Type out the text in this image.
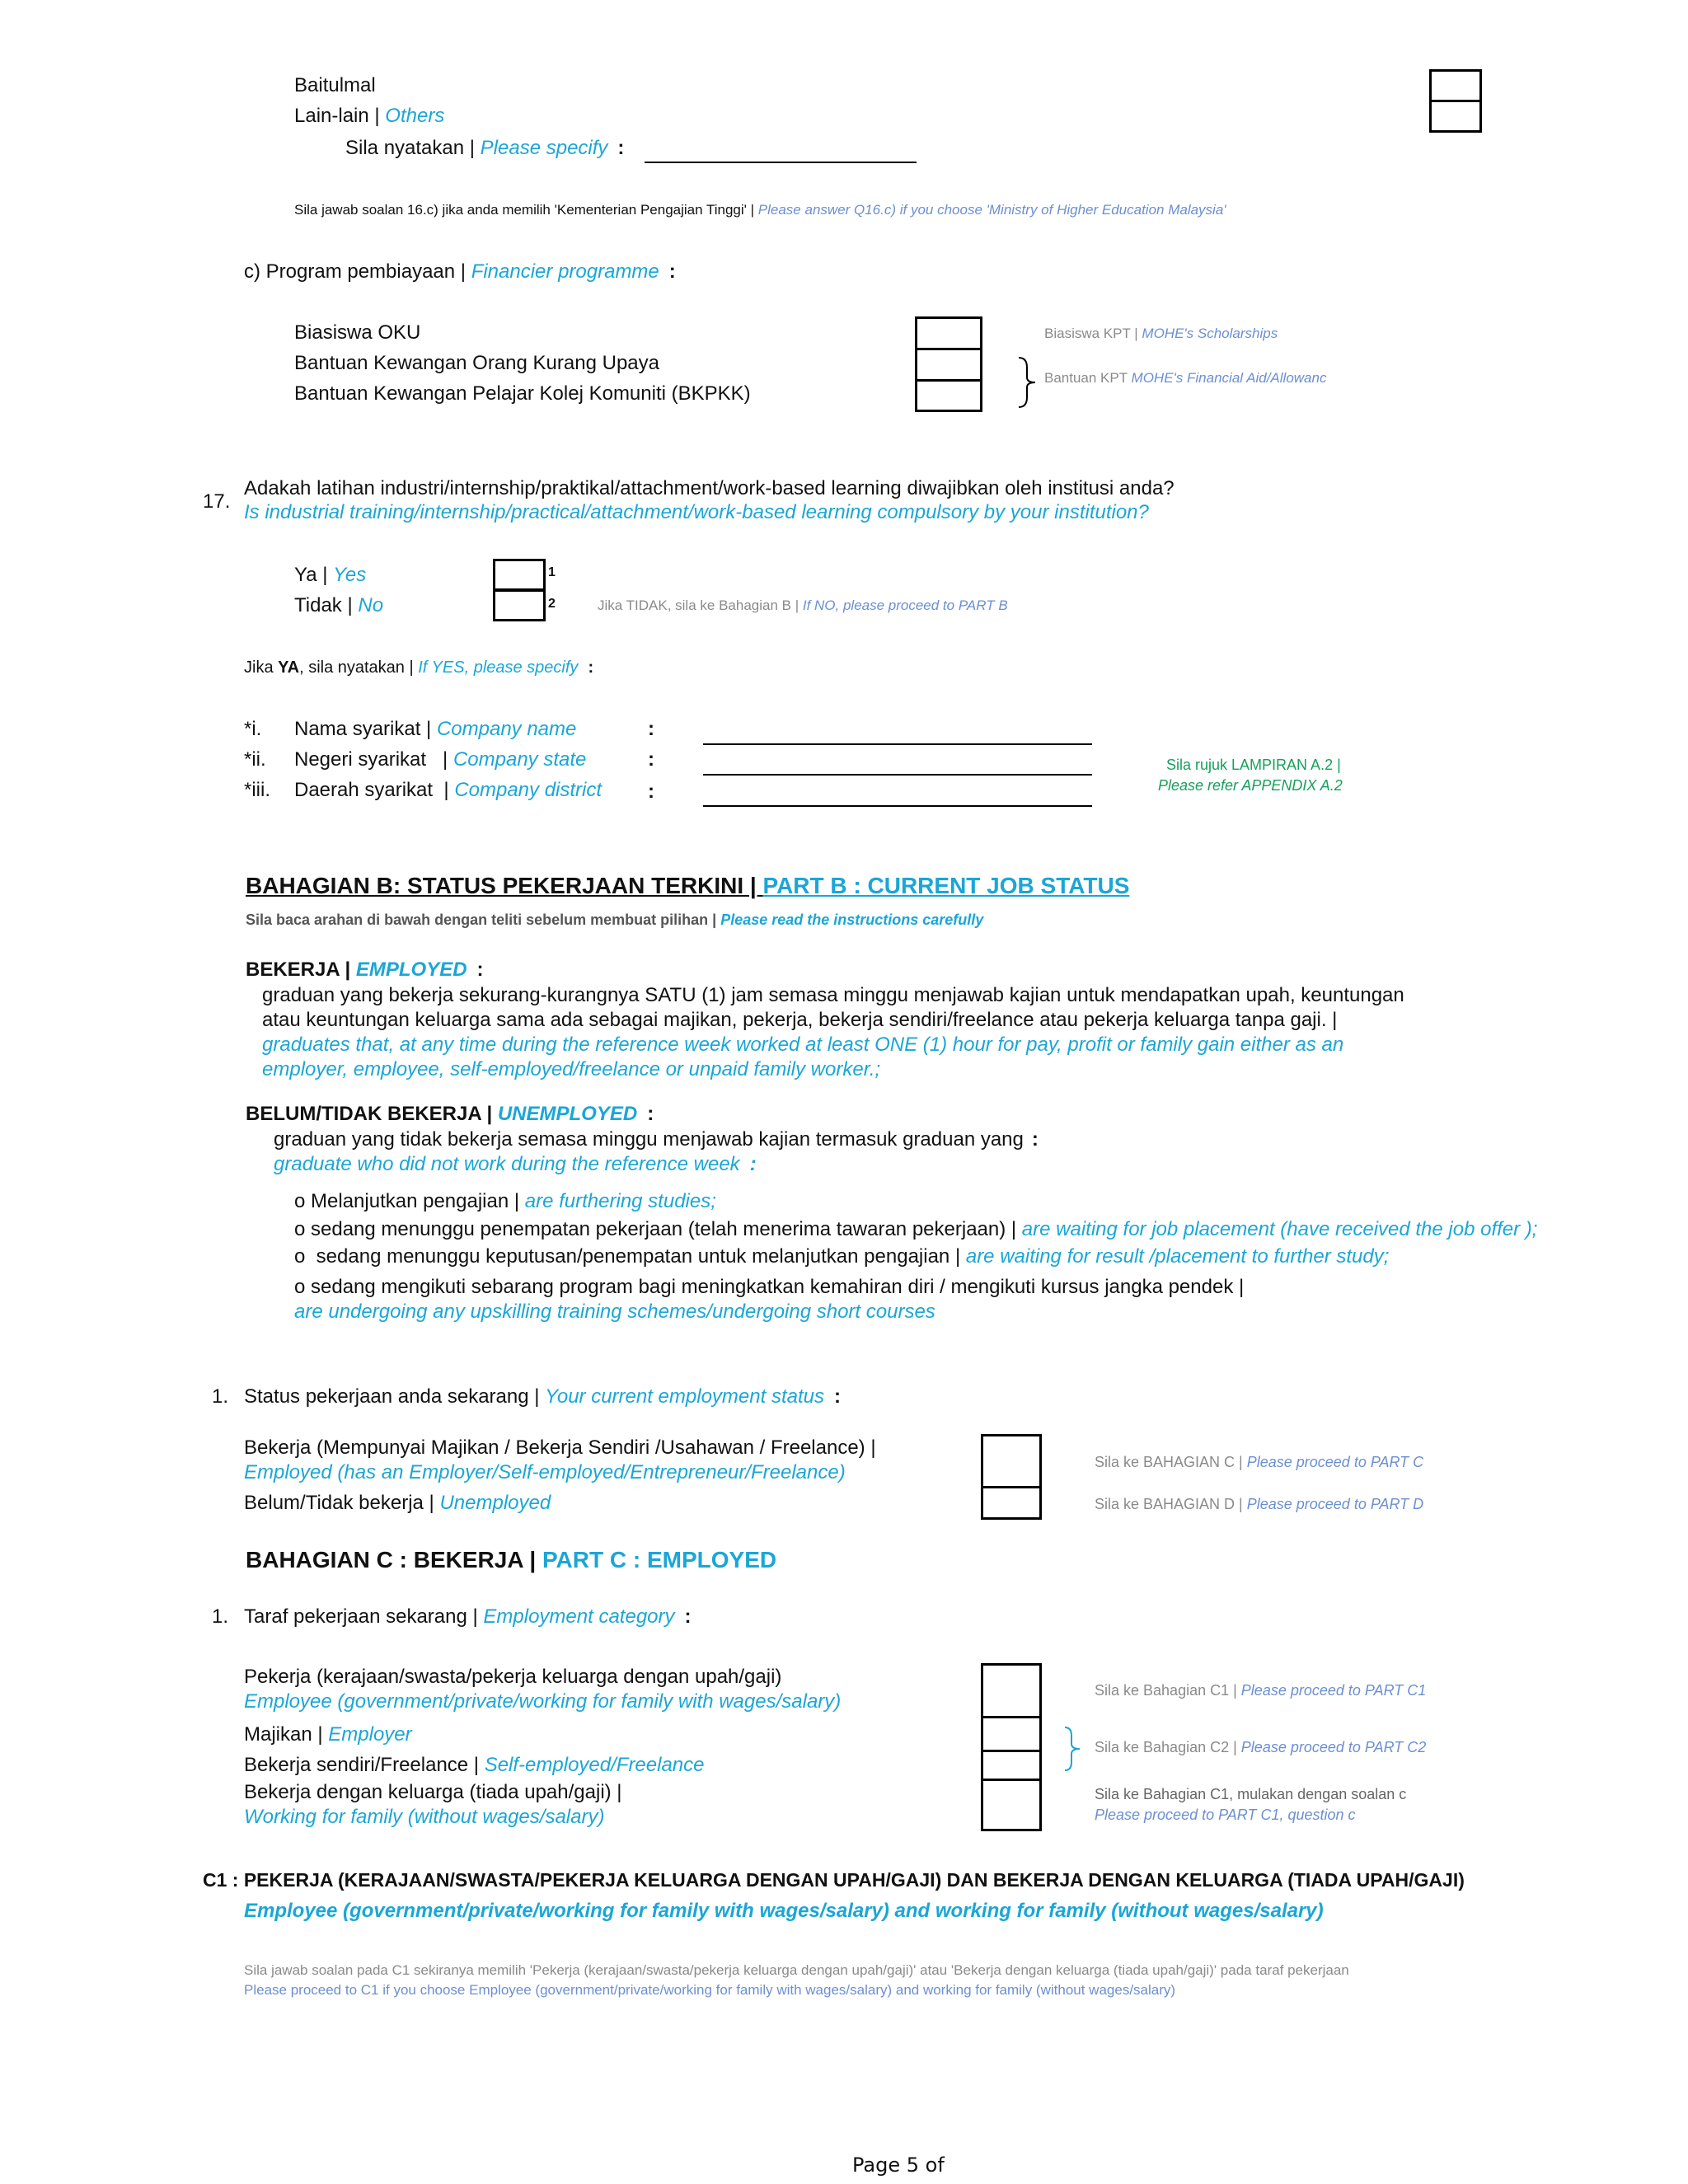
Baitulmal
Lain-lain | Others
Sila nyatakan | Please specify :
Sila jawab soalan 16.c) jika anda memilih 'Kementerian Pengajian Tinggi' | Please answer Q16.c) if you choose 'Ministry of Higher Education Malaysia'
c) Program pembiayaan | Financier programme :
Biasiswa OKU
Bantuan Kewangan Orang Kurang Upaya
Bantuan Kewangan Pelajar Kolej Komuniti (BKPKK)
Biasiswa KPT | MOHE's Scholarships
Bantuan KPT MOHE's Financial Aid/Allowanc
17.
Adakah latihan industri/internship/praktikal/attachment/work-based learning diwajibkan oleh institusi anda?
Is industrial training/internship/practical/attachment/work-based learning compulsory by your institution?
Ya | Yes
Tidak | No
1
2	Jika TIDAK, sila ke Bahagian B | If NO, please proceed to PART B
Jika YA, sila nyatakan | If YES, please specify :
*i. Nama syarikat | Company name	:
*ii. Negeri syarikat   | Company state	:
*iii. Daerah syarikat  | Company district :
Sila rujuk LAMPIRAN A.2 |
Please refer APPENDIX A.2
BAHAGIAN B: STATUS PEKERJAAN TERKINI | PART B : CURRENT JOB STATUS
Sila baca arahan di bawah dengan teliti sebelum membuat pilihan | Please read the instructions carefully
BEKERJA | EMPLOYED :
graduan yang bekerja sekurang-kurangnya SATU (1) jam semasa minggu menjawab kajian untuk mendapatkan upah, keuntungan
atau keuntungan keluarga sama ada sebagai majikan, pekerja, bekerja sendiri/freelance atau pekerja keluarga tanpa gaji. |
graduates that, at any time during the reference week worked at least ONE (1) hour for pay, profit or family gain either as an
employer, employee, self-employed/freelance or unpaid family worker.;
BELUM/TIDAK BEKERJA | UNEMPLOYED :
graduan yang tidak bekerja semasa minggu menjawab kajian termasuk graduan yang :
graduate who did not work during the reference week :
o Melanjutkan pengajian | are furthering studies;
o sedang menunggu penempatan pekerjaan (telah menerima tawaran pekerjaan) | are waiting for job placement (have received the job offer );
o  sedang menunggu keputusan/penempatan untuk melanjutkan pengajian | are waiting for result /placement to further study;
o sedang mengikuti sebarang program bagi meningkatkan kemahiran diri / mengikuti kursus jangka pendek |
are undergoing any upskilling training schemes/undergoing short courses
1. Status pekerjaan anda sekarang | Your current employment status :
Bekerja (Mempunyai Majikan / Bekerja Sendiri /Usahawan / Freelance) |
Employed (has an Employer/Self-employed/Entrepreneur/Freelance)
Belum/Tidak bekerja | Unemployed
Sila ke BAHAGIAN C | Please proceed to PART C
Sila ke BAHAGIAN D | Please proceed to PART D
BAHAGIAN C : BEKERJA | PART C : EMPLOYED
1. Taraf pekerjaan sekarang | Employment category :
Pekerja (kerajaan/swasta/pekerja keluarga dengan upah/gaji)
Employee (government/private/working for family with wages/salary)
Majikan | Employer
Bekerja sendiri/Freelance | Self-employed/Freelance
Bekerja dengan keluarga (tiada upah/gaji) |
Working for family (without wages/salary)
Sila ke Bahagian C1 | Please proceed to PART C1
Sila ke Bahagian C2 | Please proceed to PART C2
Sila ke Bahagian C1, mulakan dengan soalan c
Please proceed to PART C1, question c
C1 : PEKERJA (KERAJAAN/SWASTA/PEKERJA KELUARGA DENGAN UPAH/GAJI) DAN BEKERJA DENGAN KELUARGA (TIADA UPAH/GAJI)
Employee (government/private/working for family with wages/salary) and working for family (without wages/salary)
Sila jawab soalan pada C1 sekiranya memilih 'Pekerja (kerajaan/swasta/pekerja keluarga dengan upah/gaji)' atau 'Bekerja dengan keluarga (tiada upah/gaji)' pada taraf pekerjaan
Please proceed to C1 if you choose Employee (government/private/working for family with wages/salary) and working for family (without wages/salary)
Page 5 of
